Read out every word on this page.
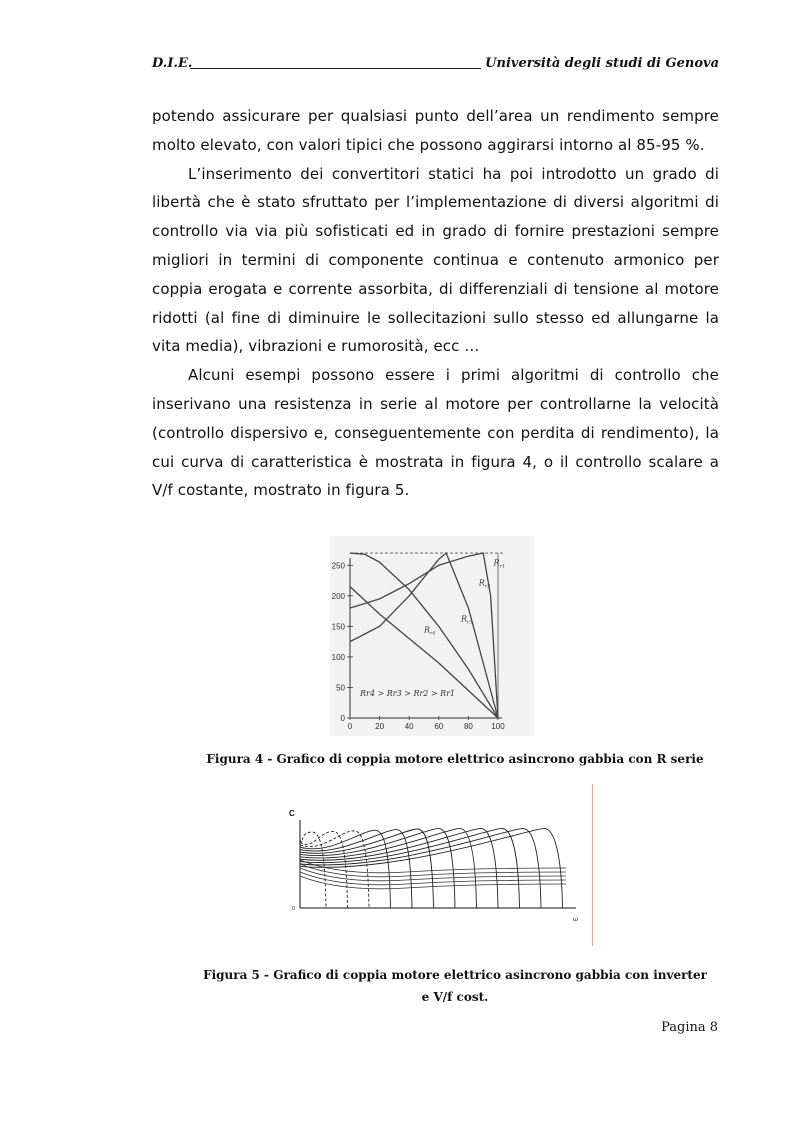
D.I.E.	Università degli studi di Genova

potendo assicurare per qualsiasi punto dell’area un rendimento sempre molto elevato, con valori tipici che possono aggirarsi intorno al 85-95 %.

L’inserimento dei convertitori statici ha poi introdotto un grado di libertà che è stato sfruttato per l’implementazione di diversi algoritmi di controllo via via più sofisticati ed in grado di fornire prestazioni sempre migliori in termini di componente continua e contenuto armonico per coppia erogata e corrente assorbita, di differenziali di tensione al motore ridotti (al fine di diminuire le sollecitazioni sullo stesso ed allungarne la vita media), vibrazioni e rumorosità, ecc …

Alcuni esempi possono essere i primi algoritmi di controllo che inserivano una resistenza in serie al motore per controllarne la velocità (controllo dispersivo e, conseguentemente con perdita di rendimento), la cui curva di caratteristica è mostrata in figura 4, o il controllo scalare a V/f costante, mostrato in figura 5.

0
50
100
150
200
250
0	20	40	60	80 100
$R_{r1}$
$R_{r2}$
$R_{r3}$
$R_{r4}$
Rr4 > Rr3 > Rr2 > Rr1
C
0
ω
Figura 4 - Grafico di coppia motore elettrico asincrono gabbia con R serie
Figura 5 - Grafico di coppia motore elettrico asincrono gabbia con inverter
e V/f cost.
Pagina 8
